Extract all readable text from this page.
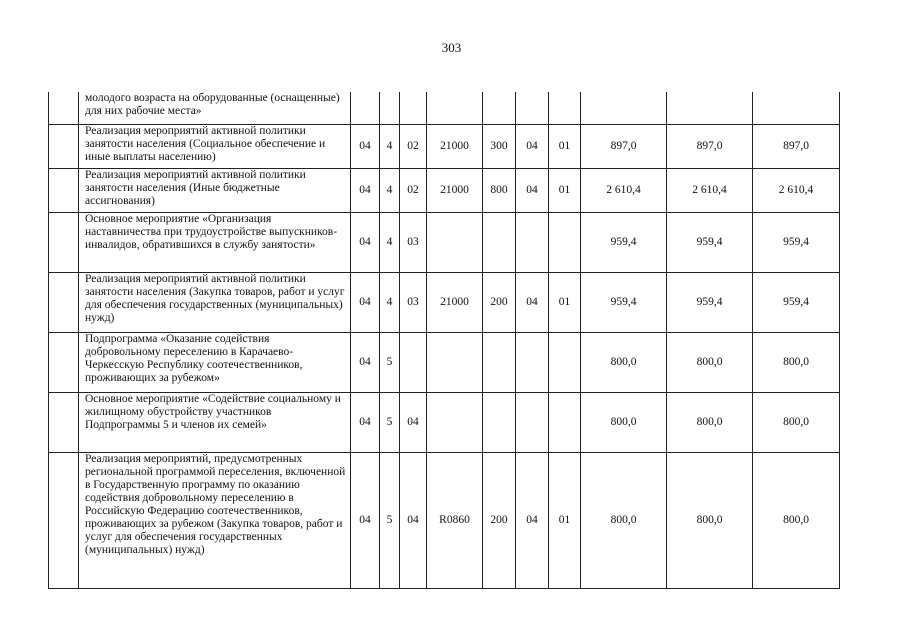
303
	молодого возраста на оборудованные (оснащенные) для них рабочие места»										
	Реализация мероприятий активной политики занятости населения (Социальное обеспечение и иные выплаты населению)	04	4	02	21000	300	04	01	897,0	897,0	897,0
	Реализация мероприятий активной политики занятости населения (Иные бюджетные ассигнования)	04	4	02	21000	800	04	01	2 610,4	2 610,4	2 610,4
	Основное мероприятие «Организация наставничества при трудоустройстве выпускников-инвалидов, обратившихся в службу занятости»	04	4	03					959,4	959,4	959,4
	Реализация мероприятий активной политики занятости населения (Закупка товаров, работ и услуг для обеспечения государственных (муниципальных) нужд)	04	4	03	21000	200	04	01	959,4	959,4	959,4
	Подпрограмма «Оказание содействия добровольному переселению в Карачаево-Черкесскую Республику соотечественников, проживающих за рубежом»	04	5						800,0	800,0	800,0
	Основное мероприятие «Содействие социальному и жилищному обустройству участников Подпрограммы 5 и членов их семей»	04	5	04					800,0	800,0	800,0
	Реализация мероприятий, предусмотренных региональной программой переселения, включенной в Государственную программу по оказанию содействия добровольному переселению в Российскую Федерацию соотечественников, проживающих за рубежом (Закупка товаров, работ и услуг для обеспечения государственных (муниципальных) нужд)	04	5	04	R0860	200	04	01	800,0	800,0	800,0
